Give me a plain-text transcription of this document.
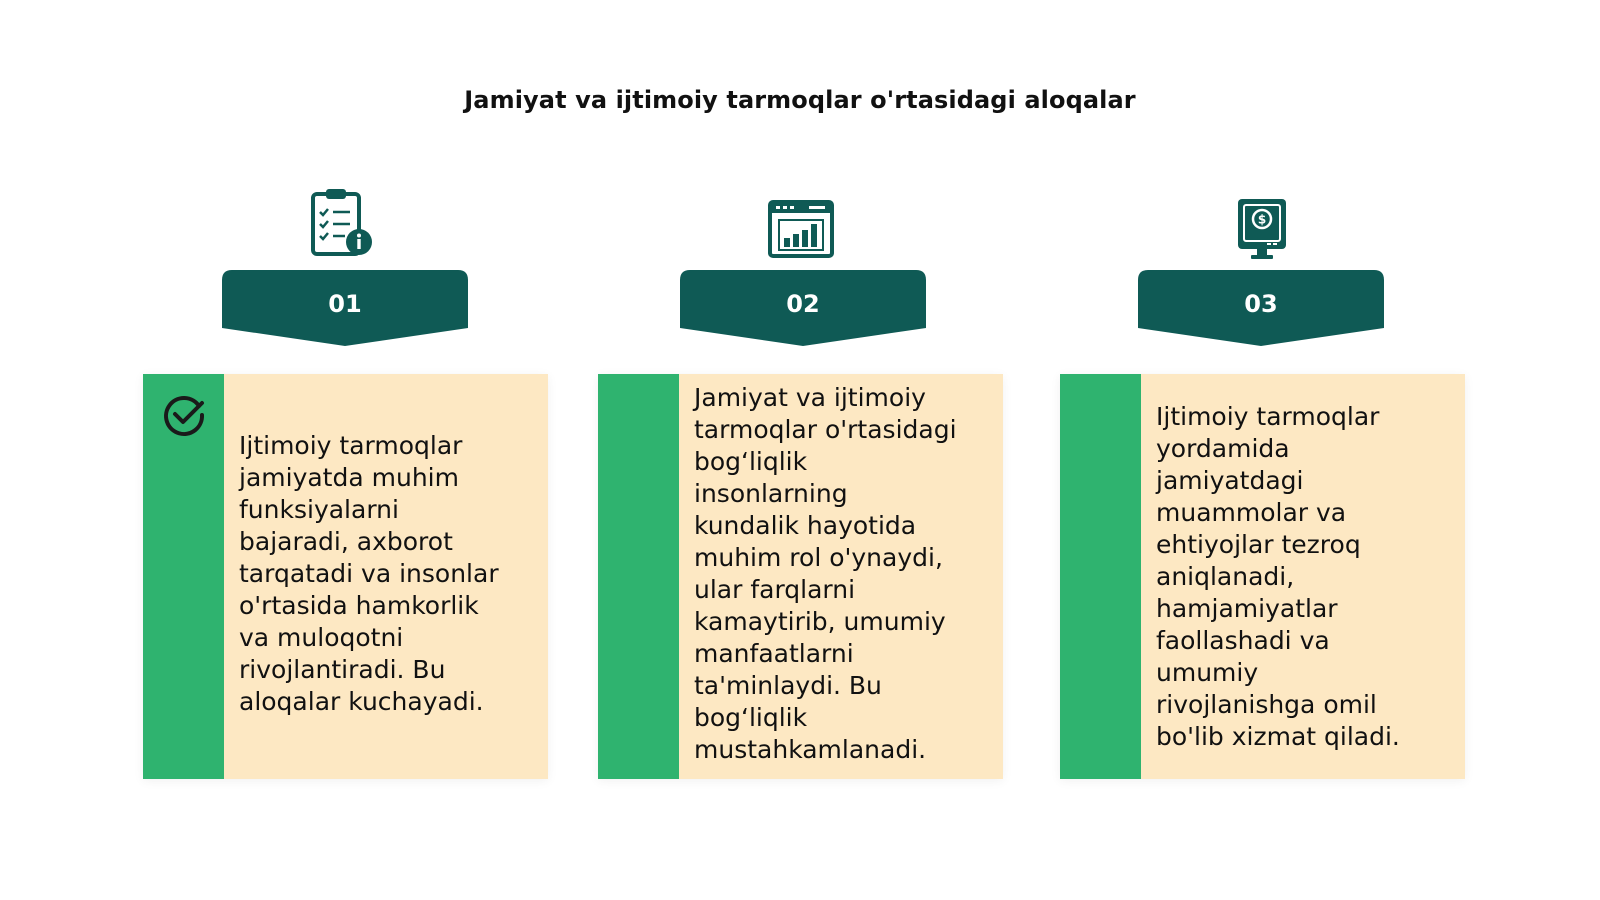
Jamiyat va ijtimoiy tarmoqlar o'rtasidagi aloqalar
01
Ijtimoiy tarmoqlar
jamiyatda muhim
funksiyalarni
bajaradi, axborot
tarqatadi va insonlar
o'rtasida hamkorlik
va muloqotni
rivojlantiradi. Bu
aloqalar kuchayadi.
02
Jamiyat va ijtimoiy
tarmoqlar o'rtasidagi
bog‘liqlik
insonlarning
kundalik hayotida
muhim rol o'ynaydi,
ular farqlarni
kamaytirib, umumiy
manfaatlarni
ta'minlaydi. Bu
bog‘liqlik
mustahkamlanadi.
$
03
Ijtimoiy tarmoqlar
yordamida
jamiyatdagi
muammolar va
ehtiyojlar tezroq
aniqlanadi,
hamjamiyatlar
faollashadi va
umumiy
rivojlanishga omil
bo'lib xizmat qiladi.
